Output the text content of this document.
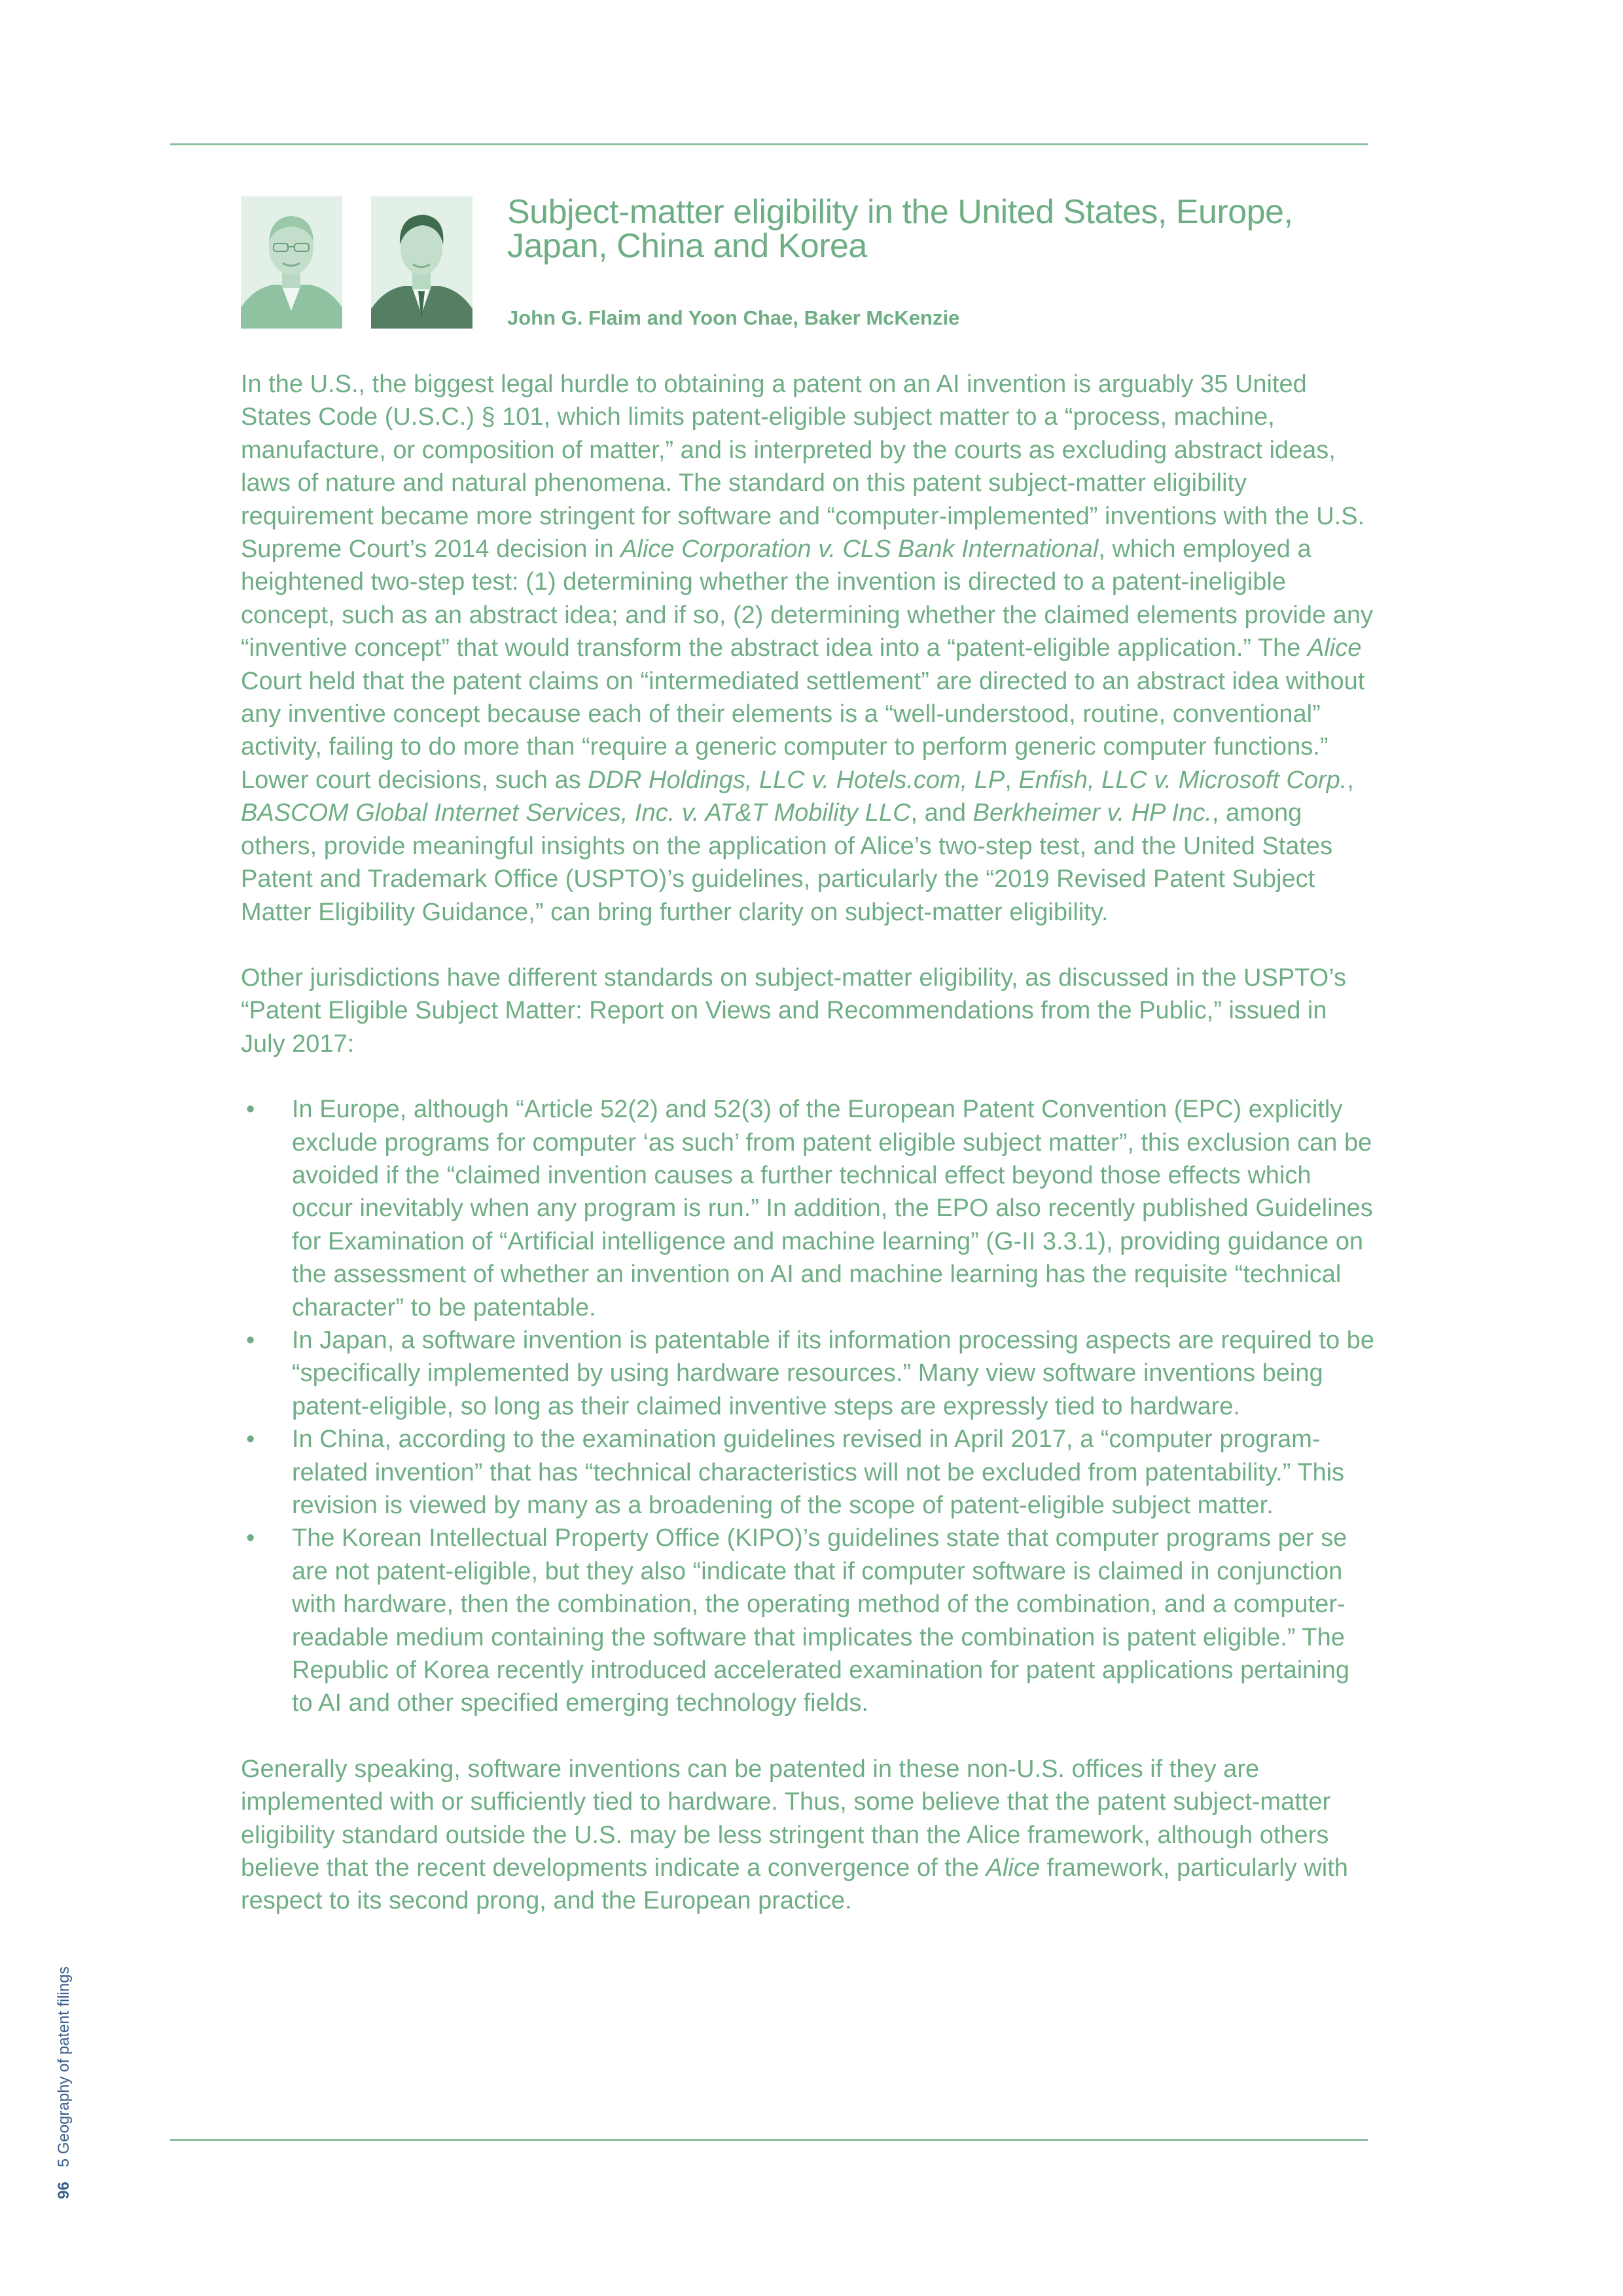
Subject-matter eligibility in the United States, Europe, Japan, China and Korea
John G. Flaim and Yoon Chae, Baker McKenzie

In the U.S., the biggest legal hurdle to obtaining a patent on an AI invention is arguably 35 United States Code (U.S.C.) § 101, which limits patent-eligible subject matter to a “process, machine, manufacture, or composition of matter,” and is interpreted by the courts as excluding abstract ideas, laws of nature and natural phenomena. The standard on this patent subject-matter eligibility requirement became more stringent for software and “computer-implemented” inventions with the U.S. Supreme Court’s 2014 decision in Alice Corporation v. CLS Bank International, which employed a heightened two-step test: (1) determining whether the invention is directed to a patent-ineligible concept, such as an abstract idea; and if so, (2) determining whether the claimed elements provide any “inventive concept” that would transform the abstract idea into a “patent-eligible application.” The Alice Court held that the patent claims on “intermediated settlement” are directed to an abstract idea without any inventive concept because each of their elements is a “well-understood, routine, conventional” activity, failing to do more than “require a generic computer to perform generic computer functions.” Lower court decisions, such as DDR Holdings, LLC v. Hotels.com, LP, Enfish, LLC v. Microsoft Corp., BASCOM Global Internet Services, Inc. v. AT&T Mobility LLC, and Berkheimer v. HP Inc., among others, provide meaningful insights on the application of Alice’s two-step test, and the United States Patent and Trademark Office (USPTO)’s guidelines, particularly the “2019 Revised Patent Subject Matter Eligibility Guidance,” can bring further clarity on subject-matter eligibility.

Other jurisdictions have different standards on subject-matter eligibility, as discussed in the USPTO’s “Patent Eligible Subject Matter: Report on Views and Recommendations from the Public,” issued in July 2017:

• In Europe, although “Article 52(2) and 52(3) of the European Patent Convention (EPC) explicitly exclude programs for computer ‘as such’ from patent eligible subject matter”, this exclusion can be avoided if the “claimed invention causes a further technical effect beyond those effects which occur inevitably when any program is run.” In addition, the EPO also recently published Guidelines for Examination of “Artificial intelligence and machine learning” (G-II 3.3.1), providing guidance on the assessment of whether an invention on AI and machine learning has the requisite “technical character” to be patentable.
• In Japan, a software invention is patentable if its information processing aspects are required to be “specifically implemented by using hardware resources.” Many view software inventions being patent-eligible, so long as their claimed inventive steps are expressly tied to hardware.
• In China, according to the examination guidelines revised in April 2017, a “computer program-related invention” that has “technical characteristics will not be excluded from patentability.” This revision is viewed by many as a broadening of the scope of patent-eligible subject matter.
• The Korean Intellectual Property Office (KIPO)’s guidelines state that computer programs per se are not patent-eligible, but they also “indicate that if computer software is claimed in conjunction with hardware, then the combination, the operating method of the combination, and a computer-readable medium containing the software that implicates the combination is patent eligible.” The Republic of Korea recently introduced accelerated examination for patent applications pertaining to AI and other specified emerging technology fields.

Generally speaking, software inventions can be patented in these non-U.S. offices if they are implemented with or sufficiently tied to hardware. Thus, some believe that the patent subject-matter eligibility standard outside the U.S. may be less stringent than the Alice framework, although others believe that the recent developments indicate a convergence of the Alice framework, particularly with respect to its second prong, and the European practice.

965 Geography of patent filings
